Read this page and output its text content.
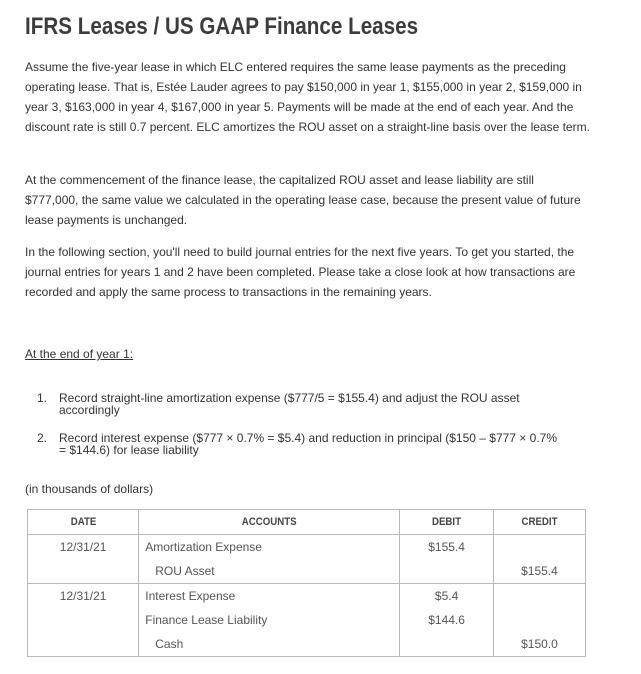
IFRS Leases / US GAAP Finance Leases

Assume the five-year lease in which ELC entered requires the same lease payments as the preceding operating lease. That is, Estée Lauder agrees to pay $150,000 in year 1, $155,000 in year 2, $159,000 in year 3, $163,000 in year 4, $167,000 in year 5. Payments will be made at the end of each year. And the discount rate is still 0.7 percent. ELC amortizes the ROU asset on a straight-line basis over the lease term.

At the commencement of the finance lease, the capitalized ROU asset and lease liability are still $777,000, the same value we calculated in the operating lease case, because the present value of future lease payments is unchanged.

In the following section, you'll need to build journal entries for the next five years. To get you started, the journal entries for years 1 and 2 have been completed. Please take a close look at how transactions are recorded and apply the same process to transactions in the remaining years.

At the end of year 1:

1. Record straight-line amortization expense ($777/5 = $155.4) and adjust the ROU asset accordingly
2. Record interest expense ($777 × 0.7% = $5.4) and reduction in principal ($150 – $777 × 0.7% = $144.6) for lease liability

(in thousands of dollars)

DATE	ACCOUNTS	DEBIT	CREDIT
12/31/21	Amortization Expense	$155.4	
	ROU Asset		$155.4
12/31/21	Interest Expense	$5.4	
	Finance Lease Liability	$144.6	
	Cash		$150.0
